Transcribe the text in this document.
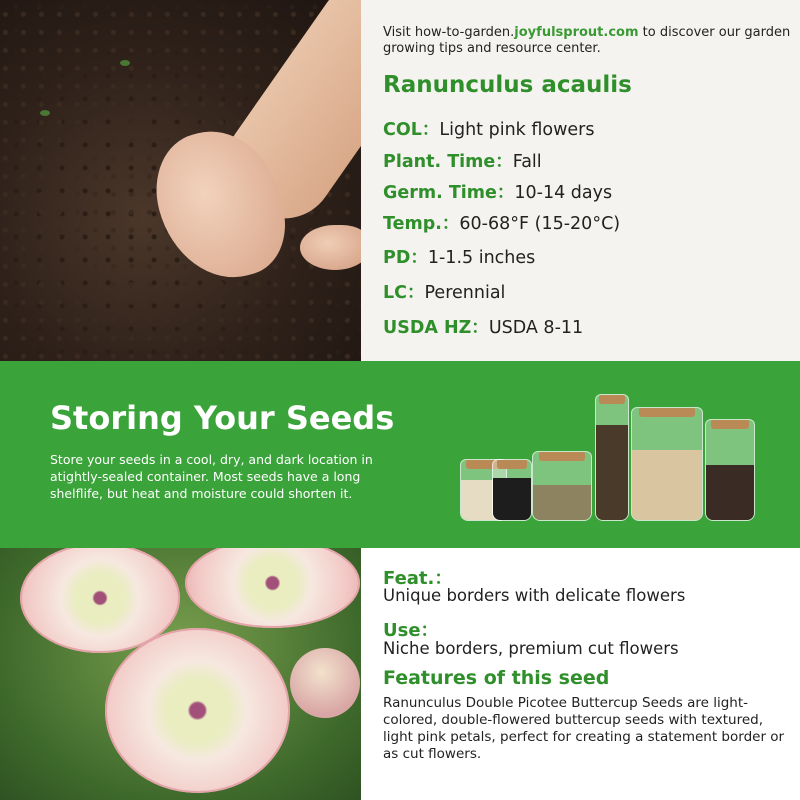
Visit how-to-garden.joyfulsprout.com to discover our garden growing tips and resource center.
Ranunculus acaulis
COL：Light pink flowers
Plant. Time：Fall
Germ. Time：10-14 days
Temp.：60-68°F (15-20°C)
PD：1-1.5 inches
LC：Perennial
USDA HZ：USDA 8-11
Storing Your Seeds

Store your seeds in a cool, dry, and dark location in atightly-sealed container. Most seeds have a long shelflife, but heat and moisture could shorten it.

Feat.：
Unique borders with delicate flowers
Use：
Niche borders, premium cut flowers
Features of this seed

Ranunculus Double Picotee Buttercup Seeds are light-colored, double-flowered buttercup seeds with textured, light pink petals, perfect for creating a statement border or as cut flowers.
